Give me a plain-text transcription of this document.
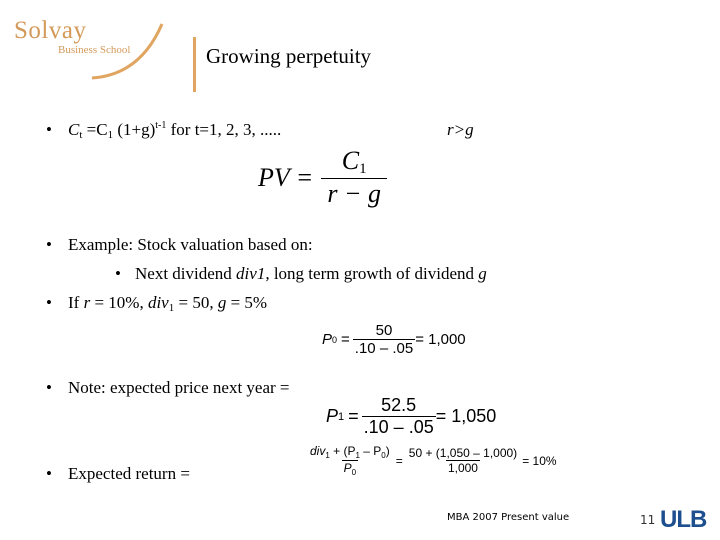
Solvay
Business School	Growing perpetuity
• $C_t =C_1$ $(1+g)^{t-1}$ for t=1, 2, 3, .....	r>g
PV = $\frac{C1}{r - g}$
• Example: Stock valuation based on:
• Next dividend div1, long term growth of dividend g
• If r = 10%, div$_1$ = 50, g = 5%
P $0 = \frac{50}{.10 - .05} = 1,000$
• Note: expected price next year =
P $1 = \frac{52.5}{.10 - .05} = 1,050$
$\frac{div_1 + (P_1 - P_0)}{P_0} = \frac{50 + (1,050 - 1,000)}{1,000} = 10\%$
• Expected return =
MBA 2007 Present value	11 ULB
